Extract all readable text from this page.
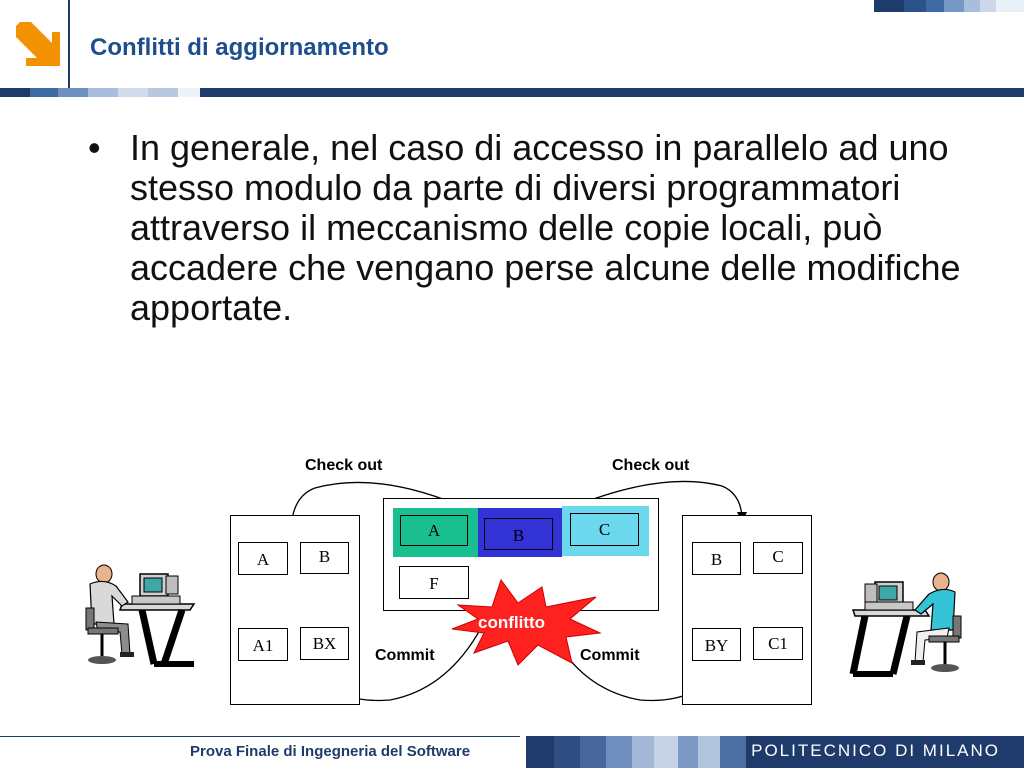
Conflitti di aggiornamento
• In generale, nel caso di accesso in parallelo ad uno stesso modulo da parte di diversi programmatori attraverso il meccanismo delle copie locali, può accadere che vengano perse alcune delle modifiche apportate.
A	B	C
F
A	B
A1	BX
B	C
BY	C1
conflitto
Check out	Check out
Commit	Commit
Prova Finale di Ingegneria del Software	POLITECNICO DI MILANO
